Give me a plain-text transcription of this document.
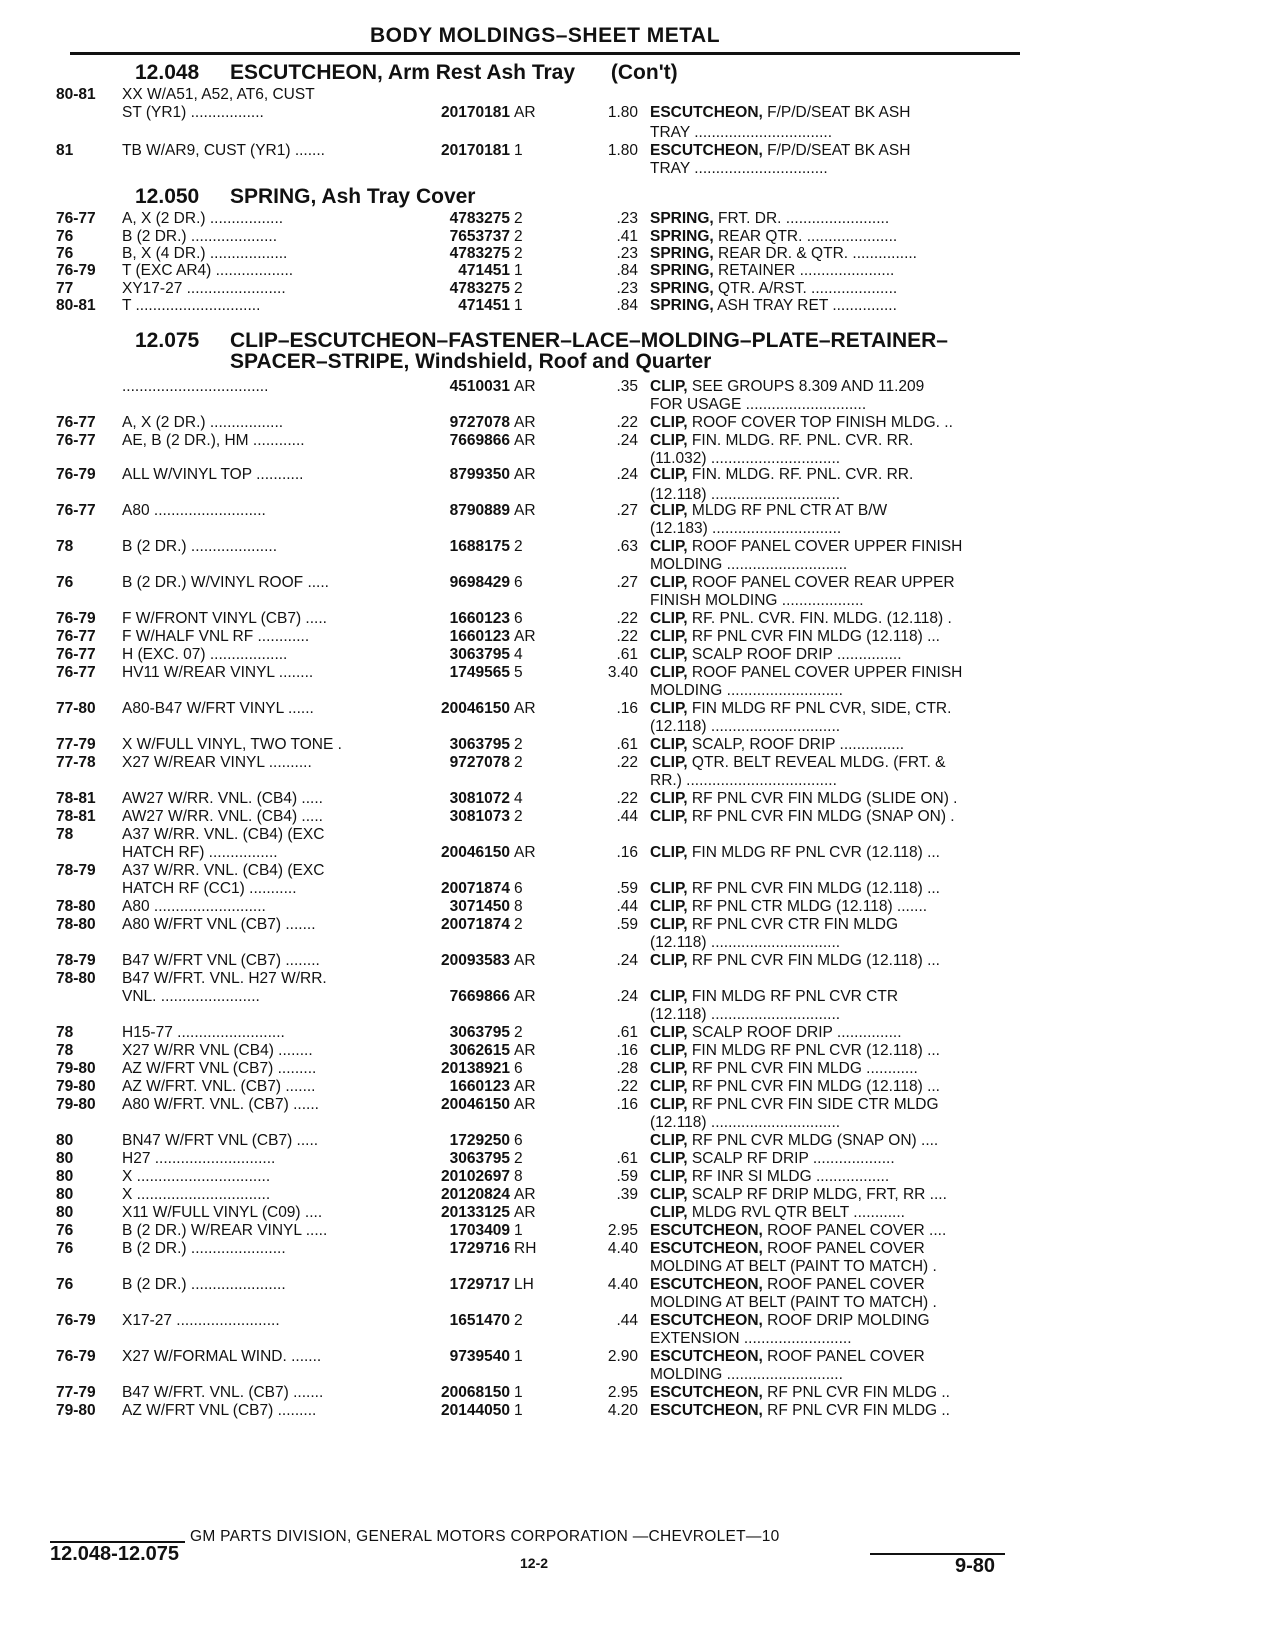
BODY MOLDINGS–SHEET METAL
12.048 ESCUTCHEON, Arm Rest Ash Tray (Con't)
12.050 SPRING, Ash Tray Cover
12.075 CLIP–ESCUTCHEON–FASTENER–LACE–MOLDING–PLATE–RETAINER–
SPACER–STRIPE, Windshield, Roof and Quarter
80-81	XX W/A51, A52, AT6, CUST
ST (YR1) .................	20170181 AR	1.80 ESCUTCHEON, F/P/D/SEAT BK ASH
TRAY ................................
81	TB W/AR9, CUST (YR1) .......	20170181 1	1.80 ESCUTCHEON, F/P/D/SEAT BK ASH
TRAY ...............................
76-77	A, X (2 DR.) .................	4783275 2	.23 SPRING, FRT. DR. ........................
76	B (2 DR.) ....................	7653737 2	.41 SPRING, REAR QTR. .....................
76	B, X (4 DR.) ..................	4783275 2	.23 SPRING, REAR DR. & QTR. ...............
76-79	T (EXC AR4) ..................	471451 1	.84 SPRING, RETAINER ......................
77	XY17-27 .......................	4783275 2	.23 SPRING, QTR. A/RST. ....................
80-81	T .............................	471451 1	.84 SPRING, ASH TRAY RET ...............
..................................	4510031 AR	.35 CLIP, SEE GROUPS 8.309 AND 11.209
FOR USAGE ............................
76-77	A, X (2 DR.) .................	9727078 AR	.22 CLIP, ROOF COVER TOP FINISH MLDG. ..
76-77	AE, B (2 DR.), HM ............	7669866 AR	.24 CLIP, FIN. MLDG. RF. PNL. CVR. RR.
(11.032) ..............................
76-79	ALL W/VINYL TOP ...........	8799350 AR	.24 CLIP, FIN. MLDG. RF. PNL. CVR. RR.
(12.118) ..............................
76-77	A80 ..........................	8790889 AR	.27 CLIP, MLDG RF PNL CTR AT B/W
(12.183) ..............................
78	B (2 DR.) ....................	1688175 2	.63 CLIP, ROOF PANEL COVER UPPER FINISH
MOLDING ............................
76	B (2 DR.) W/VINYL ROOF .....	9698429 6	.27 CLIP, ROOF PANEL COVER REAR UPPER
FINISH MOLDING ...................
76-79	F W/FRONT VINYL (CB7) .....	1660123 6	.22 CLIP, RF. PNL. CVR. FIN. MLDG. (12.118) .
76-77	F W/HALF VNL RF ............	1660123 AR	.22 CLIP, RF PNL CVR FIN MLDG (12.118) ...
76-77	H (EXC. 07) ..................	3063795 4	.61 CLIP, SCALP ROOF DRIP ...............
76-77	HV11 W/REAR VINYL ........	1749565 5	3.40 CLIP, ROOF PANEL COVER UPPER FINISH
MOLDING ...........................
77-80	A80-B47 W/FRT VINYL ......	20046150 AR	.16 CLIP, FIN MLDG RF PNL CVR, SIDE, CTR.
(12.118) ..............................
77-79	X W/FULL VINYL, TWO TONE .	3063795 2	.61 CLIP, SCALP, ROOF DRIP ...............
77-78	X27 W/REAR VINYL ..........	9727078 2	.22 CLIP, QTR. BELT REVEAL MLDG. (FRT. &
RR.) ...................................
78-81	AW27 W/RR. VNL. (CB4) .....	3081072 4	.22 CLIP, RF PNL CVR FIN MLDG (SLIDE ON) .
78-81	AW27 W/RR. VNL. (CB4) .....	3081073 2	.44 CLIP, RF PNL CVR FIN MLDG (SNAP ON) .
78	A37 W/RR. VNL. (CB4) (EXC
HATCH RF) ................	20046150 AR	.16 CLIP, FIN MLDG RF PNL CVR (12.118) ...
78-79	A37 W/RR. VNL. (CB4) (EXC
HATCH RF (CC1) ...........	20071874 6	.59 CLIP, RF PNL CVR FIN MLDG (12.118) ...
78-80	A80 ..........................	3071450 8	.44 CLIP, RF PNL CTR MLDG (12.118) .......
78-80	A80 W/FRT VNL (CB7) .......	20071874 2	.59 CLIP, RF PNL CVR CTR FIN MLDG
(12.118) ..............................
78-79	B47 W/FRT VNL (CB7) ........	20093583 AR	.24 CLIP, RF PNL CVR FIN MLDG (12.118) ...
78-80	B47 W/FRT. VNL. H27 W/RR.
VNL. .......................	7669866 AR	.24 CLIP, FIN MLDG RF PNL CVR CTR
(12.118) ..............................
78	H15-77 .........................	3063795 2	.61 CLIP, SCALP ROOF DRIP ...............
78	X27 W/RR VNL (CB4) ........	3062615 AR	.16 CLIP, FIN MLDG RF PNL CVR (12.118) ...
79-80	AZ W/FRT VNL (CB7) .........	20138921 6	.28 CLIP, RF PNL CVR FIN MLDG ............
79-80	AZ W/FRT. VNL. (CB7) .......	1660123 AR	.22 CLIP, RF PNL CVR FIN MLDG (12.118) ...
79-80	A80 W/FRT. VNL. (CB7) ......	20046150 AR	.16 CLIP, RF PNL CVR FIN SIDE CTR MLDG
(12.118) ..............................
80	BN47 W/FRT VNL (CB7) .....	1729250 6	CLIP, RF PNL CVR MLDG (SNAP ON) ....
80	H27 ............................	3063795 2	.61 CLIP, SCALP RF DRIP ...................
80	X ...............................	20102697 8	.59 CLIP, RF INR SI MLDG .................
80	X ...............................	20120824 AR	.39 CLIP, SCALP RF DRIP MLDG, FRT, RR ....
80	X11 W/FULL VINYL (C09) ....	20133125 AR	CLIP, MLDG RVL QTR BELT ............
76	B (2 DR.) W/REAR VINYL .....	1703409 1	2.95 ESCUTCHEON, ROOF PANEL COVER ....
76	B (2 DR.) ......................	1729716 RH	4.40 ESCUTCHEON, ROOF PANEL COVER
MOLDING AT BELT (PAINT TO MATCH) .
76	B (2 DR.) ......................	1729717 LH	4.40 ESCUTCHEON, ROOF PANEL COVER
MOLDING AT BELT (PAINT TO MATCH) .
76-79	X17-27 ........................	1651470 2	.44 ESCUTCHEON, ROOF DRIP MOLDING
EXTENSION .........................
76-79	X27 W/FORMAL WIND. .......	9739540 1	2.90 ESCUTCHEON, ROOF PANEL COVER
MOLDING ...........................
77-79	B47 W/FRT. VNL. (CB7) .......	20068150 1	2.95 ESCUTCHEON, RF PNL CVR FIN MLDG ..
79-80	AZ W/FRT VNL (CB7) .........	20144050 1	4.20 ESCUTCHEON, RF PNL CVR FIN MLDG ..
GM PARTS DIVISION, GENERAL MOTORS CORPORATION —CHEVROLET—10
12.048-12.075	12-2	9-80
